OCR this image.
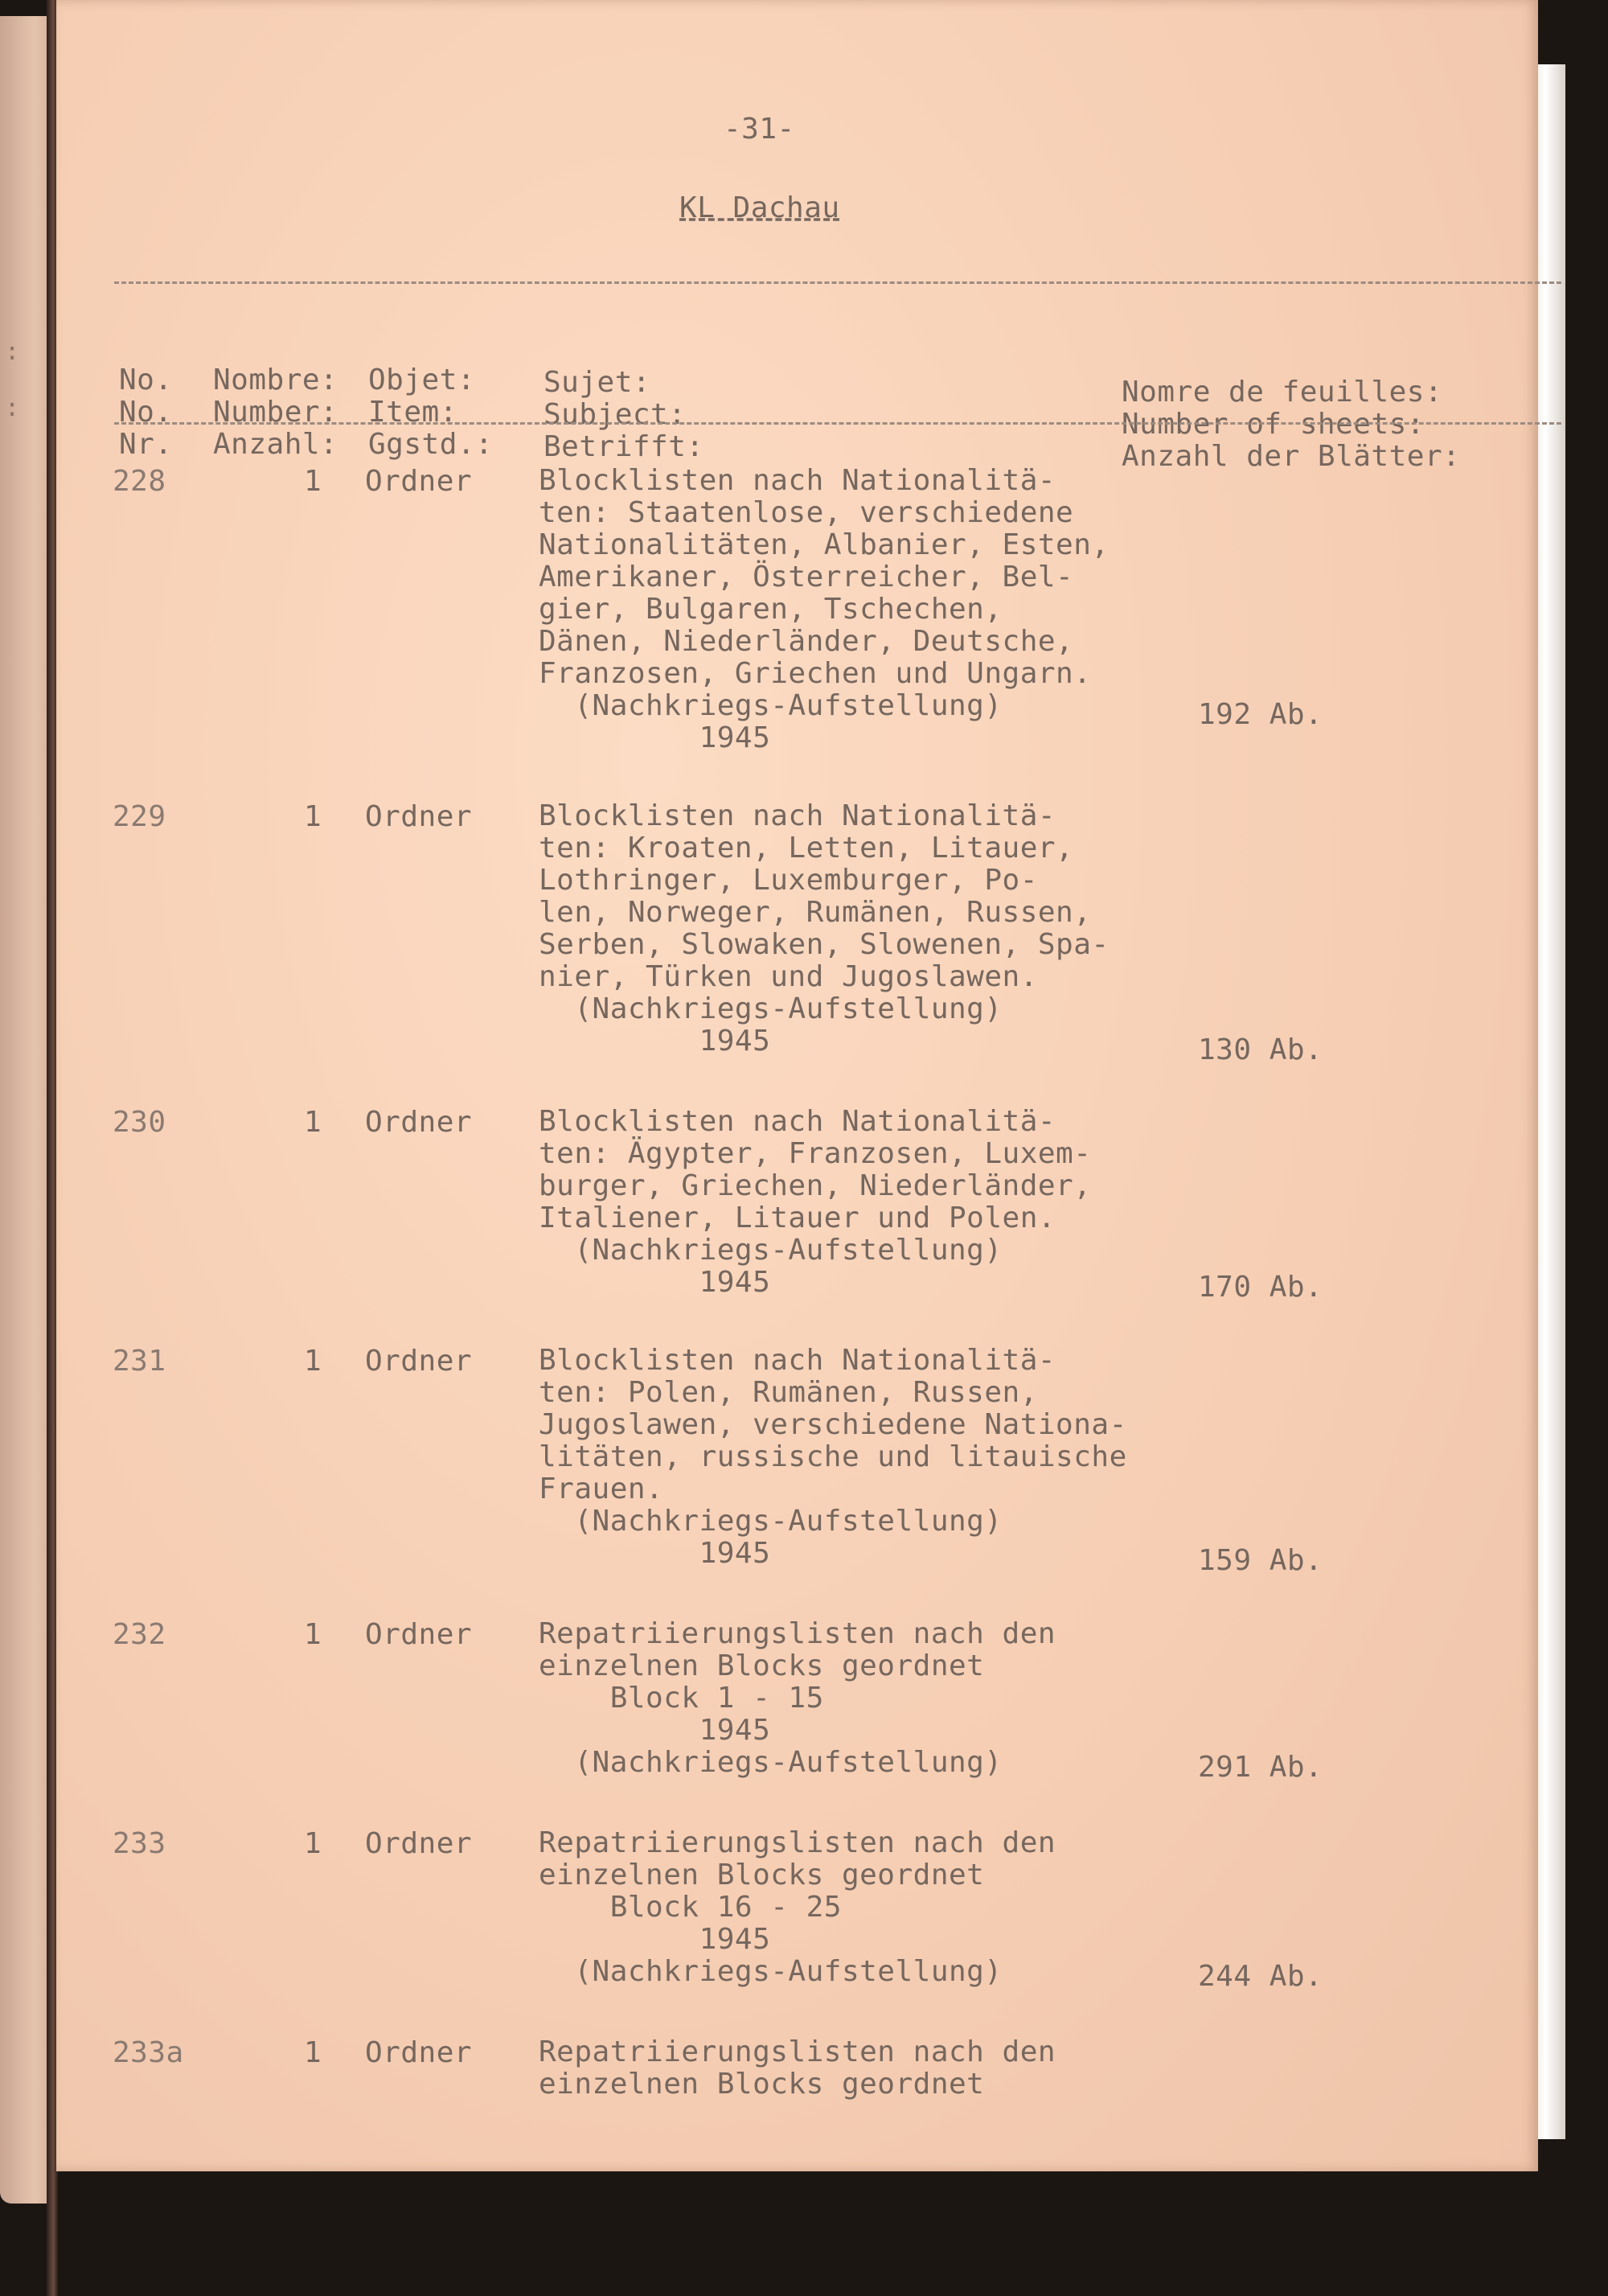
:
:
-31-
KL Dachau

No.
No.
Nr.

Nombre:
Number:
Anzahl:

Objet:
Item:
Ggstd.:

Sujet:
Subject:
Betrifft:

Nomre de feuilles:
Number of sheets:
Anzahl der Blätter:

228	1 Ordner Blocklisten nach Nationalitä-
ten: Staatenlose, verschiedene
Nationalitäten, Albanier, Esten,
Amerikaner, Österreicher, Bel-
gier, Bulgaren, Tschechen,
Dänen, Niederländer, Deutsche,
Franzosen, Griechen und Ungarn.
(Nachkriegs-Aufstellung)
1945
192 Ab.
229	1 Ordner Blocklisten nach Nationalitä-
ten: Kroaten, Letten, Litauer,
Lothringer, Luxemburger, Po-
len, Norweger, Rumänen, Russen,
Serben, Slowaken, Slowenen, Spa-
nier, Türken und Jugoslawen.
(Nachkriegs-Aufstellung)
1945	130 Ab.
230	1 Ordner Blocklisten nach Nationalitä-
ten: Ägypter, Franzosen, Luxem-
burger, Griechen, Niederländer,
Italiener, Litauer und Polen.
(Nachkriegs-Aufstellung)
1945	170 Ab.
231	1 Ordner Blocklisten nach Nationalitä-
ten: Polen, Rumänen, Russen,
Jugoslawen, verschiedene Nationa-
litäten, russische und litauische
Frauen.
(Nachkriegs-Aufstellung)
1945	159 Ab.
232	1 Ordner Repatriierungslisten nach den
einzelnen Blocks geordnet
Block 1 - 15
1945
(Nachkriegs-Aufstellung)	291 Ab.
233	1 Ordner Repatriierungslisten nach den
einzelnen Blocks geordnet
Block 16 - 25
1945
(Nachkriegs-Aufstellung)	244 Ab.
233a	1 Ordner Repatriierungslisten nach den
einzelnen Blocks geordnet
